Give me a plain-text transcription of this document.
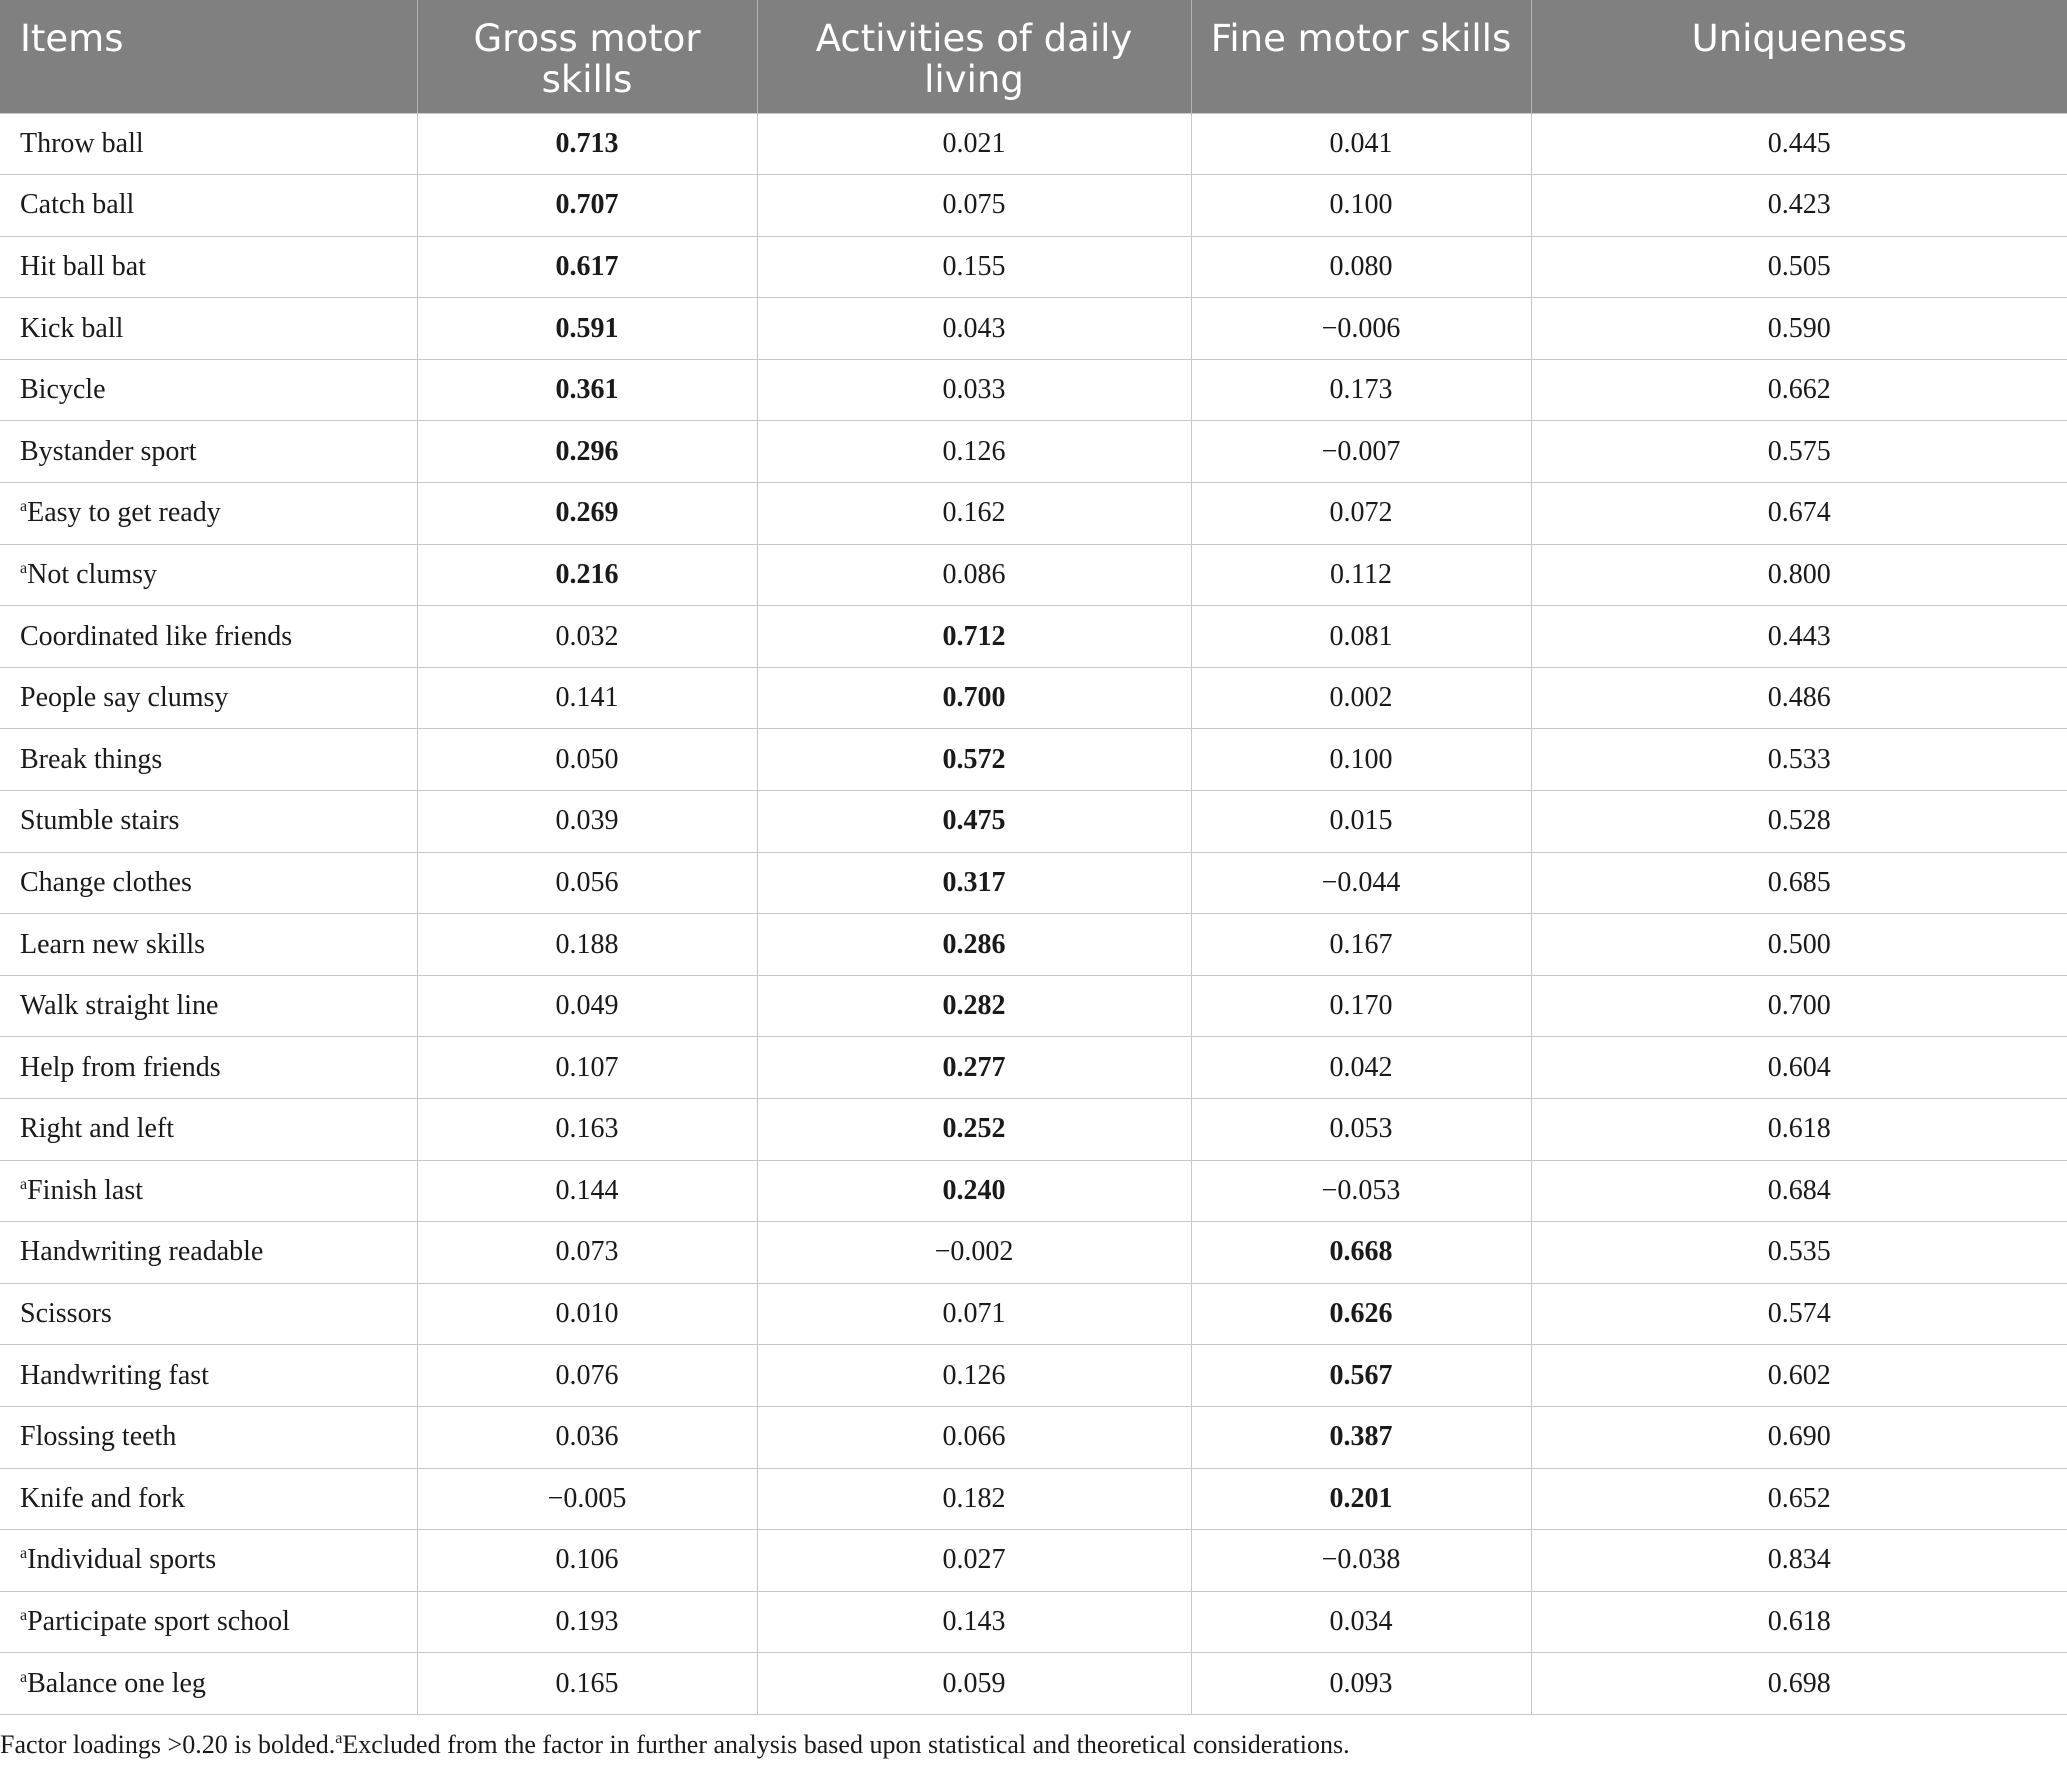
Items	Gross motor skills	Activities of daily living	Fine motor skills	Uniqueness
Throw ball	0.713	0.021	0.041	0.445
Catch ball	0.707	0.075	0.100	0.423
Hit ball bat	0.617	0.155	0.080	0.505
Kick ball	0.591	0.043	−0.006	0.590
Bicycle	0.361	0.033	0.173	0.662
Bystander sport	0.296	0.126	−0.007	0.575
$^a$Easy to get ready	0.269	0.162	0.072	0.674
$^a$Not clumsy	0.216	0.086	0.112	0.800
Coordinated like friends	0.032	0.712	0.081	0.443
People say clumsy	0.141	0.700	0.002	0.486
Break things	0.050	0.572	0.100	0.533
Stumble stairs	0.039	0.475	0.015	0.528
Change clothes	0.056	0.317	−0.044	0.685
Learn new skills	0.188	0.286	0.167	0.500
Walk straight line	0.049	0.282	0.170	0.700
Help from friends	0.107	0.277	0.042	0.604
Right and left	0.163	0.252	0.053	0.618
$^a$Finish last	0.144	0.240	−0.053	0.684
Handwriting readable	0.073	−0.002	0.668	0.535
Scissors	0.010	0.071	0.626	0.574
Handwriting fast	0.076	0.126	0.567	0.602
Flossing teeth	0.036	0.066	0.387	0.690
Knife and fork	−0.005	0.182	0.201	0.652
$^a$Individual sports	0.106	0.027	−0.038	0.834
$^a$Participate sport school	0.193	0.143	0.034	0.618
$^a$Balance one leg	0.165	0.059	0.093	0.698
Factor loadings >0.20 is bolded.$^a$Excluded from the factor in further analysis based upon statistical and theoretical considerations.
